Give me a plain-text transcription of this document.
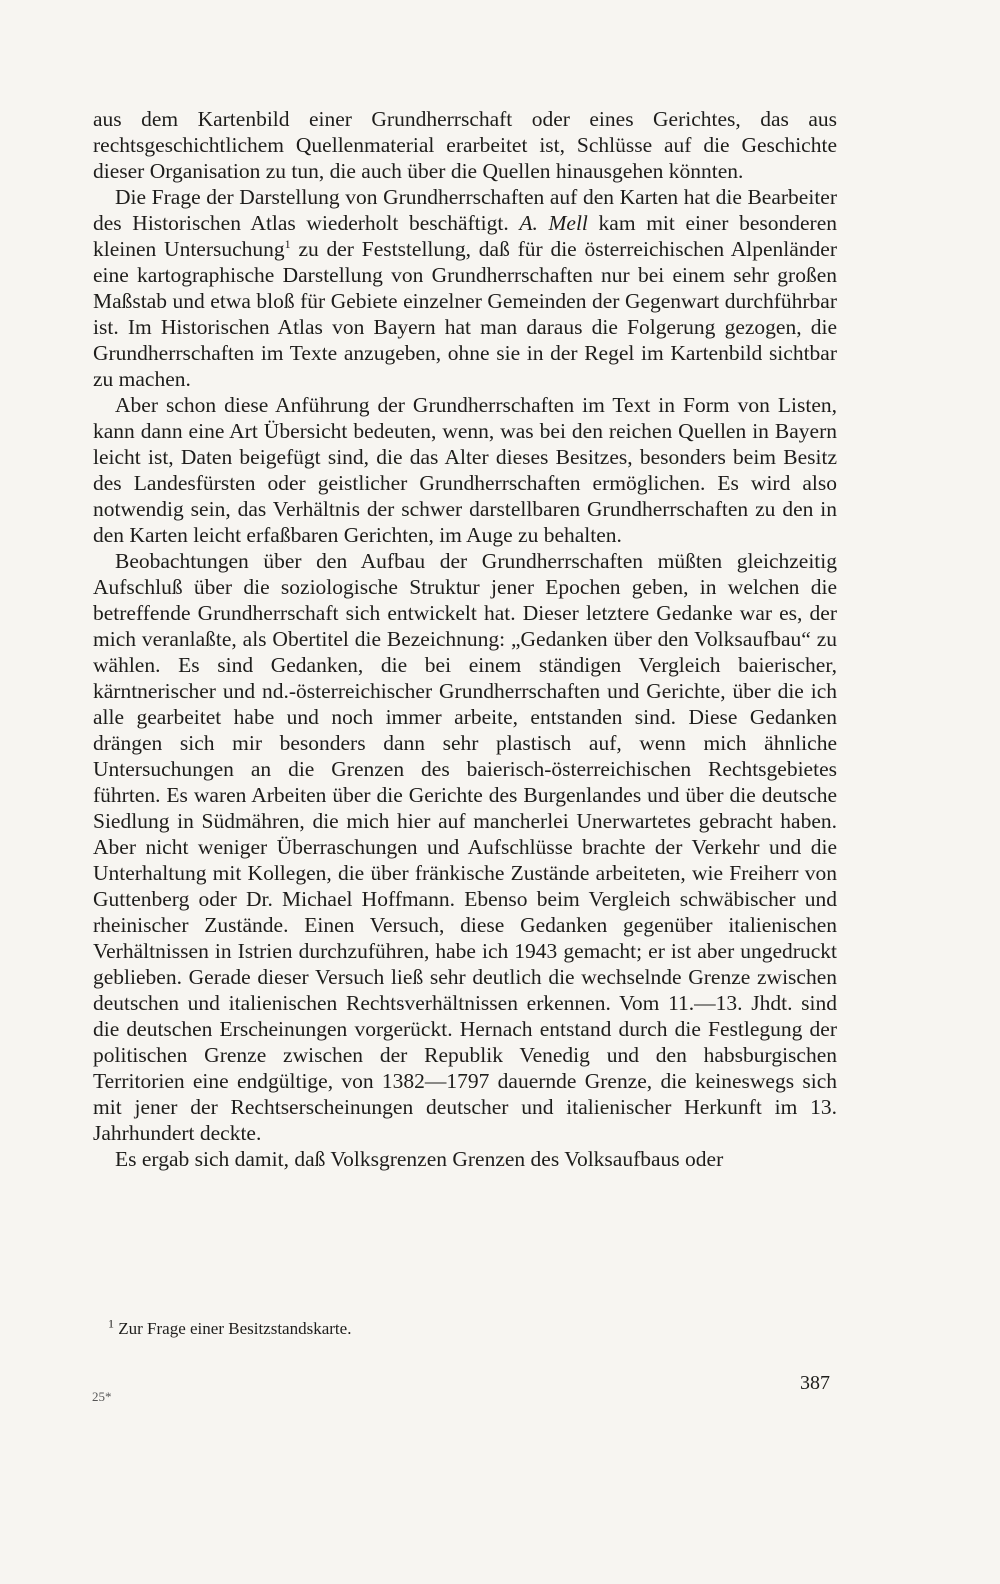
aus dem Kartenbild einer Grundherrschaft oder eines Gerichtes, das aus rechtsgeschichtlichem Quellenmaterial erarbeitet ist, Schlüsse auf die Geschichte dieser Organisation zu tun, die auch über die Quellen hinausgehen könnten.

Die Frage der Darstellung von Grundherrschaften auf den Karten hat die Bearbeiter des Historischen Atlas wiederholt beschäftigt. A. Mell kam mit einer besonderen kleinen Untersuchung$^1$ zu der Feststellung, daß für die österreichischen Alpenländer eine kartographische Darstellung von Grundherrschaften nur bei einem sehr großen Maßstab und etwa bloß für Gebiete einzelner Gemeinden der Gegenwart durchführbar ist. Im Historischen Atlas von Bayern hat man daraus die Folgerung gezogen, die Grundherrschaften im Texte anzugeben, ohne sie in der Regel im Kartenbild sichtbar zu machen.

Aber schon diese Anführung der Grundherrschaften im Text in Form von Listen, kann dann eine Art Übersicht bedeuten, wenn, was bei den reichen Quellen in Bayern leicht ist, Daten beigefügt sind, die das Alter dieses Besitzes, besonders beim Besitz des Landesfürsten oder geistlicher Grundherrschaften ermöglichen. Es wird also notwendig sein, das Verhältnis der schwer darstellbaren Grundherrschaften zu den in den Karten leicht erfaßbaren Gerichten, im Auge zu behalten.

Beobachtungen über den Aufbau der Grundherrschaften müßten gleichzeitig Aufschluß über die soziologische Struktur jener Epochen geben, in welchen die betreffende Grundherrschaft sich entwickelt hat. Dieser letztere Gedanke war es, der mich veranlaßte, als Obertitel die Bezeichnung: „Gedanken über den Volksaufbau“ zu wählen. Es sind Gedanken, die bei einem ständigen Vergleich baierischer, kärntnerischer und nd.-österreichischer Grundherrschaften und Gerichte, über die ich alle gearbeitet habe und noch immer arbeite, entstanden sind. Diese Gedanken drängen sich mir besonders dann sehr plastisch auf, wenn mich ähnliche Untersuchungen an die Grenzen des baierisch-österreichischen Rechtsgebietes führten. Es waren Arbeiten über die Gerichte des Burgenlandes und über die deutsche Siedlung in Südmähren, die mich hier auf mancherlei Unerwartetes gebracht haben. Aber nicht weniger Überraschungen und Aufschlüsse brachte der Verkehr und die Unterhaltung mit Kollegen, die über fränkische Zustände arbeiteten, wie Freiherr von Guttenberg oder Dr. Michael Hoffmann. Ebenso beim Vergleich schwäbischer und rheinischer Zustände. Einen Versuch, diese Gedanken gegenüber italienischen Verhältnissen in Istrien durchzuführen, habe ich 1943 gemacht; er ist aber ungedruckt geblieben. Gerade dieser Versuch ließ sehr deutlich die wechselnde Grenze zwischen deutschen und italienischen Rechtsverhältnissen erkennen. Vom 11.—13. Jhdt. sind die deutschen Erscheinungen vorgerückt. Hernach entstand durch die Festlegung der politischen Grenze zwischen der Republik Venedig und den habsburgischen Territorien eine endgültige, von 1382—1797 dauernde Grenze, die keineswegs sich mit jener der Rechtserscheinungen deutscher und italienischer Herkunft im 13. Jahrhundert deckte.

Es ergab sich damit, daß Volksgrenzen Grenzen des Volksaufbaus oder

$^1$ Zur Frage einer Besitzstandskarte.
387
25*
